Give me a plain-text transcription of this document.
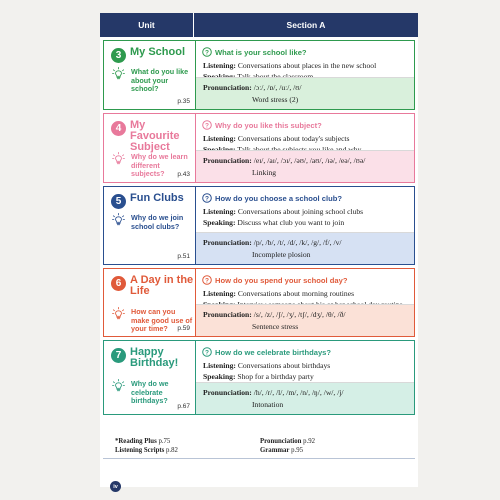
Unit	Section A
3 My School
What do you like about your school?
p.35
? What is your school like?
Listening: Conversations about places in the new school
Pronunciation: /ɔː/, /ɒ/, /uː/, /ʊ/
Word stress (2)
4 My Favourite Subject
Why do we learn different subjects?	p.43
? Why do you like this subject?
Listening: Conversations about today's subjects
Pronunciation: /eɪ/, /aɪ/, /ɔɪ/, /əʊ/, /aʊ/, /ɪə/, /eə/, /ʊə/
Linking
5 Fun Clubs
Why do we join school clubs?
p.51
? How do you choose a school club?
Listening: Conversations about joining school clubs
Speaking: Discuss what club you want to join
Pronunciation: /p/, /b/, /t/, /d/, /k/, /g/, /f/, /v/
Incomplete plosion
6 A Day in the Life
How can you make good use of your time?	p.59
? How do you spend your school day?
Listening: Conversations about morning routines
Pronunciation: /s/, /z/, /ʃ/, /ʒ/, /tʃ/, /dʒ/, /θ/, /ð/
Sentence stress
7 Happy Birthday!
Why do we celebrate birthdays?
p.67
? How do we celebrate birthdays?
Listening: Conversations about birthdays
Speaking: Shop for a birthday party
Pronunciation: /h/, /r/, /l/, /m/, /n/, /ŋ/, /w/, /j/
Intonation
*Reading Plus p.75
Listening Scripts p.82
Pronunciation p.92
Grammar p.95
iv
